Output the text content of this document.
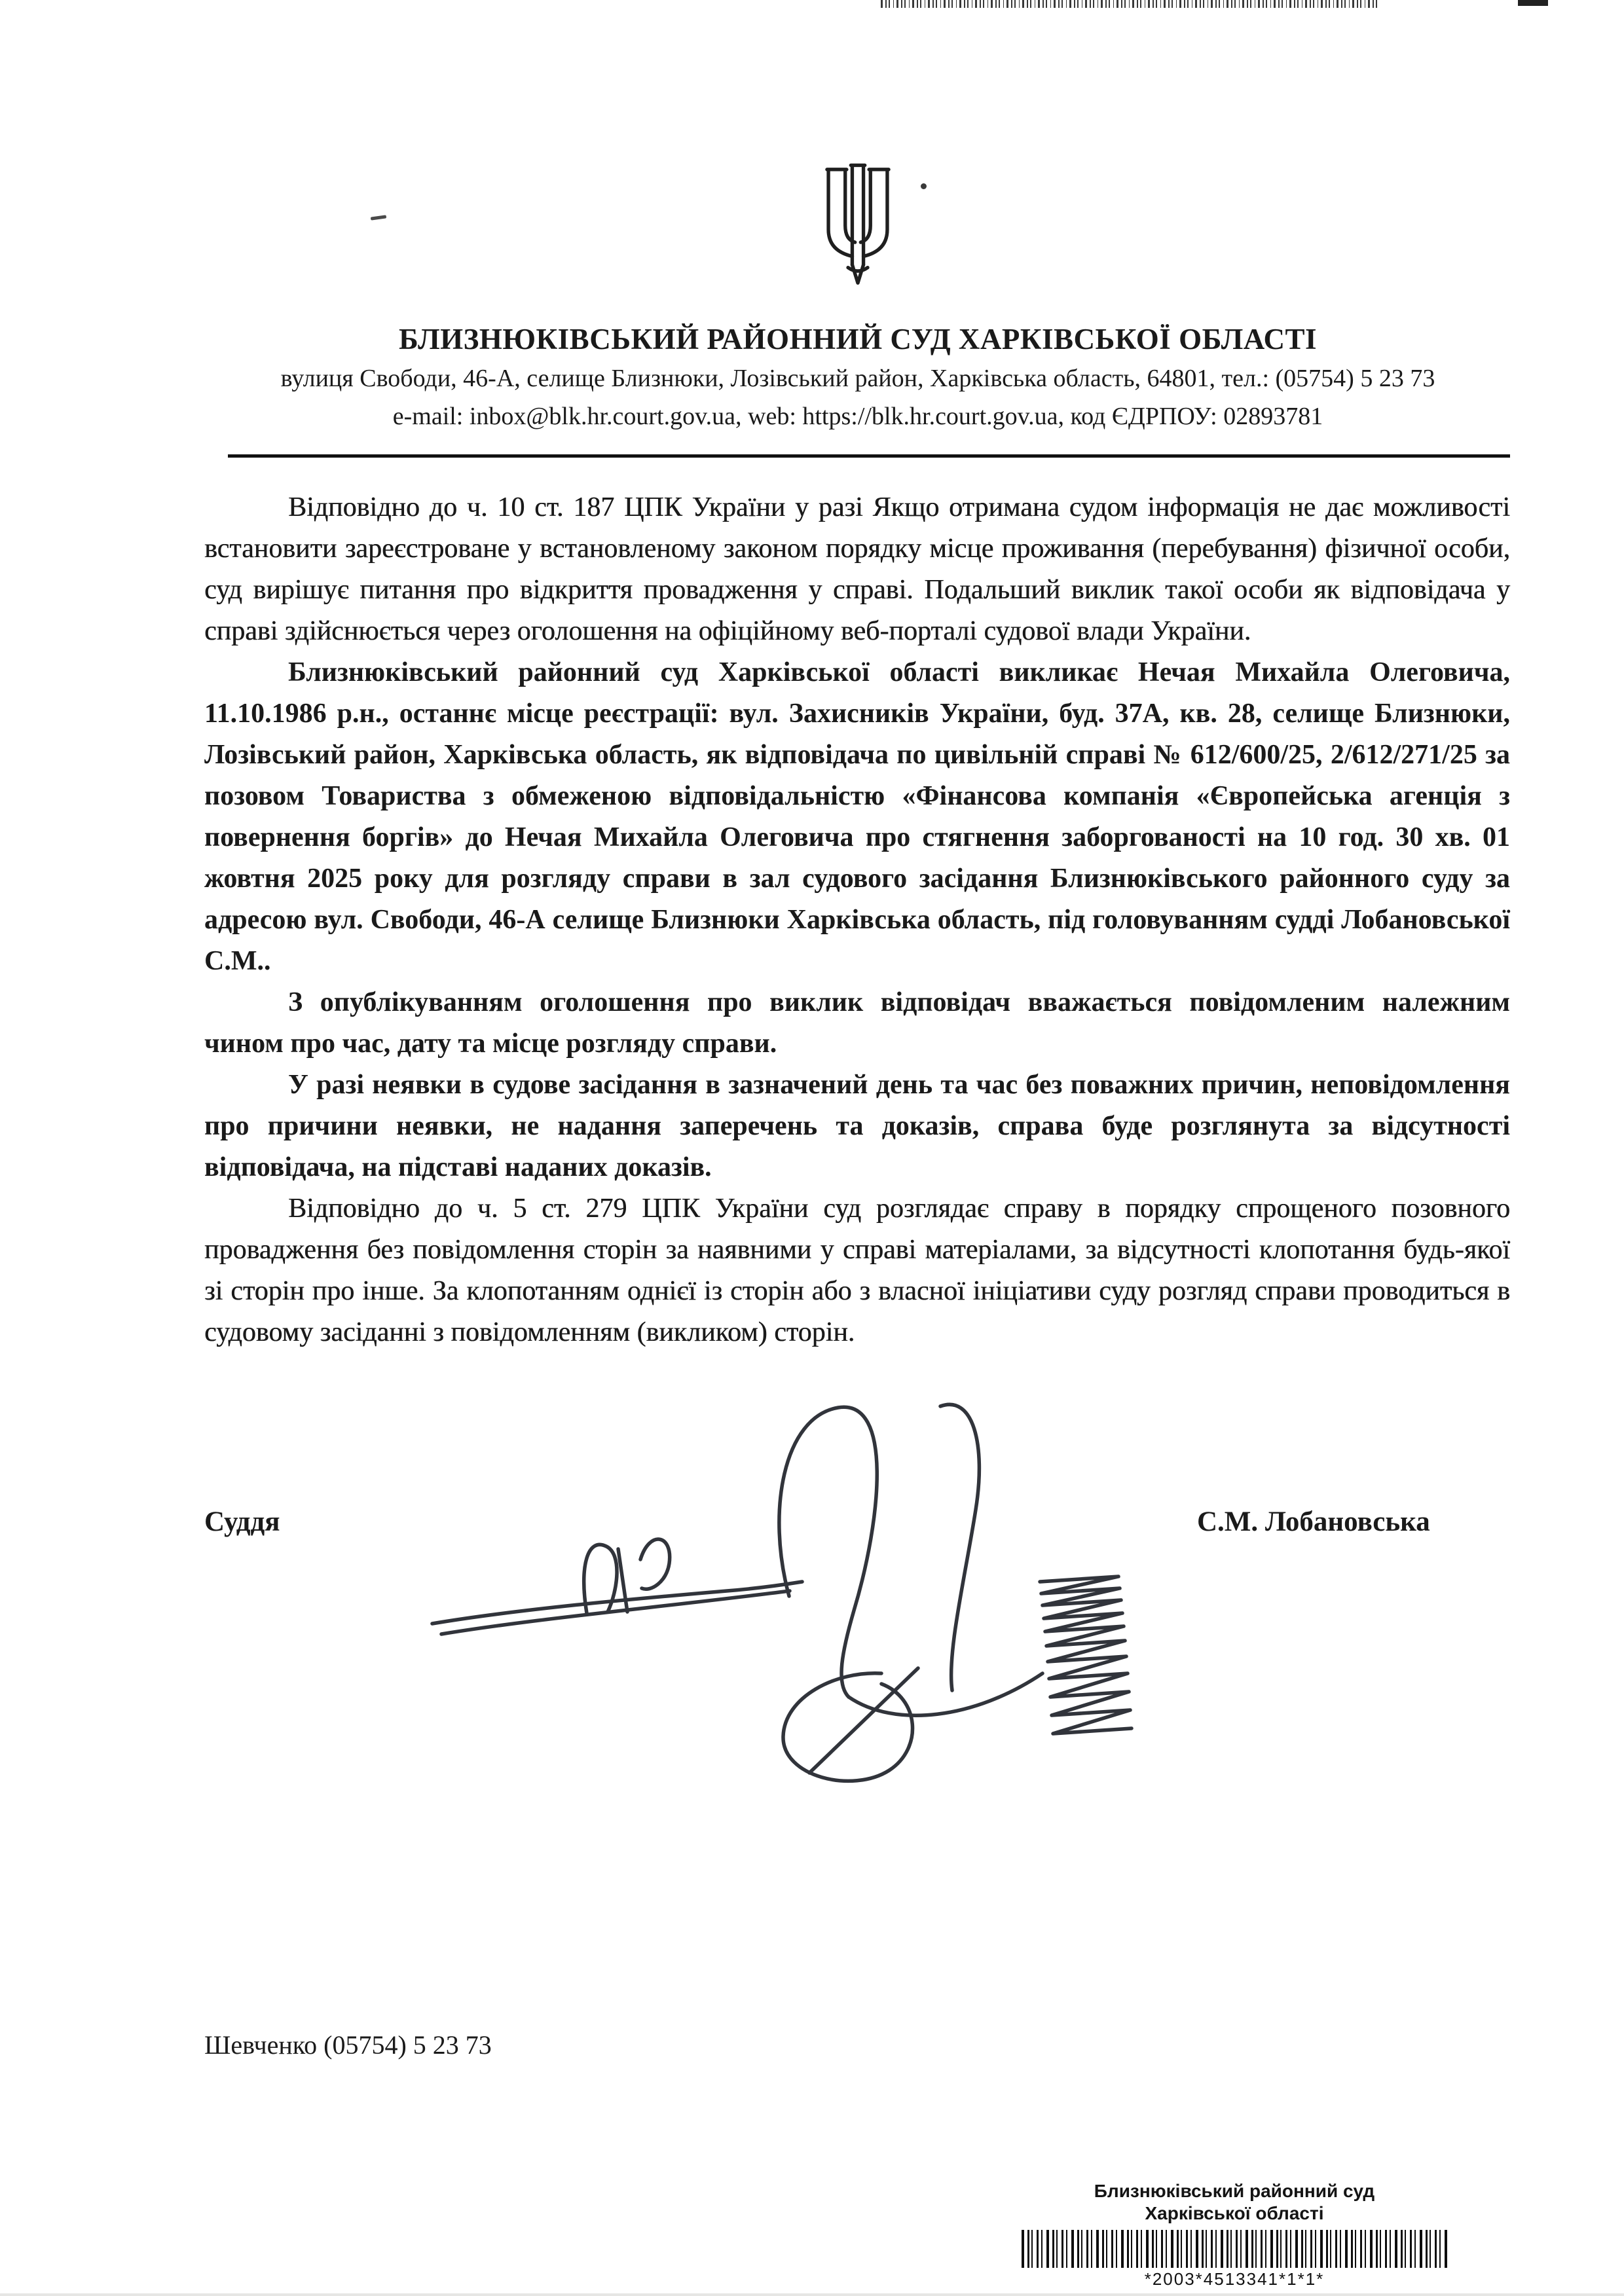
БЛИЗНЮКІВСЬКИЙ РАЙОННИЙ СУД ХАРКІВСЬКОЇ ОБЛАСТІ
вулиця Свободи, 46-А, селище Близнюки, Лозівський район, Харківська область, 64801, тел.: (05754) 5 23 73
e-mail: inbox@blk.hr.court.gov.ua, web: https://blk.hr.court.gov.ua, код ЄДРПОУ: 02893781

Відповідно до ч. 10 ст. 187 ЦПК України у разі Якщо отримана судом інформація не дає можливості встановити зареєстроване у встановленому законом порядку місце проживання (перебування) фізичної особи, суд вирішує питання про відкриття провадження у справі. Подальший виклик такої особи як відповідача у справі здійснюється через оголошення на офіційному веб-порталі судової влади України.

Близнюківський районний суд Харківської області викликає Нечая Михайла Олеговича, 11.10.1986 р.н., останнє місце реєстрації: вул. Захисників України, буд. 37А, кв. 28, селище Близнюки, Лозівський район, Харківська область, як відповідача по цивільній справі № 612/600/25, 2/612/271/25 за позовом Товариства з обмеженою відповідальністю «Фінансова компанія «Європейська агенція з повернення боргів» до Нечая Михайла Олеговича про стягнення заборгованості на 10 год. 30 хв. 01 жовтня 2025 року для розгляду справи в зал судового засідання Близнюківського районного суду за адресою вул. Свободи, 46-А селище Близнюки Харківська область, під головуванням судді Лобановської С.М..

З опублікуванням оголошення про виклик відповідач вважається повідомленим належним чином про час, дату та місце розгляду справи.

У разі неявки в судове засідання в зазначений день та час без поважних причин, неповідомлення про причини неявки, не надання заперечень та доказів, справа буде розглянута за відсутності відповідача, на підставі наданих доказів.

Відповідно до ч. 5 ст. 279 ЦПК України суд розглядає справу в порядку спрощеного позовного провадження без повідомлення сторін за наявними у справі матеріалами, за відсутності клопотання будь-якої зі сторін про інше. За клопотанням однієї із сторін або з власної ініціативи суду розгляд справи проводиться в судовому засіданні з повідомленням (викликом) сторін.

Суддя	С.М. Лобановська
Шевченко (05754) 5 23 73
Близнюківський районний суд
Харківської області
*2003*4513341*1*1*
